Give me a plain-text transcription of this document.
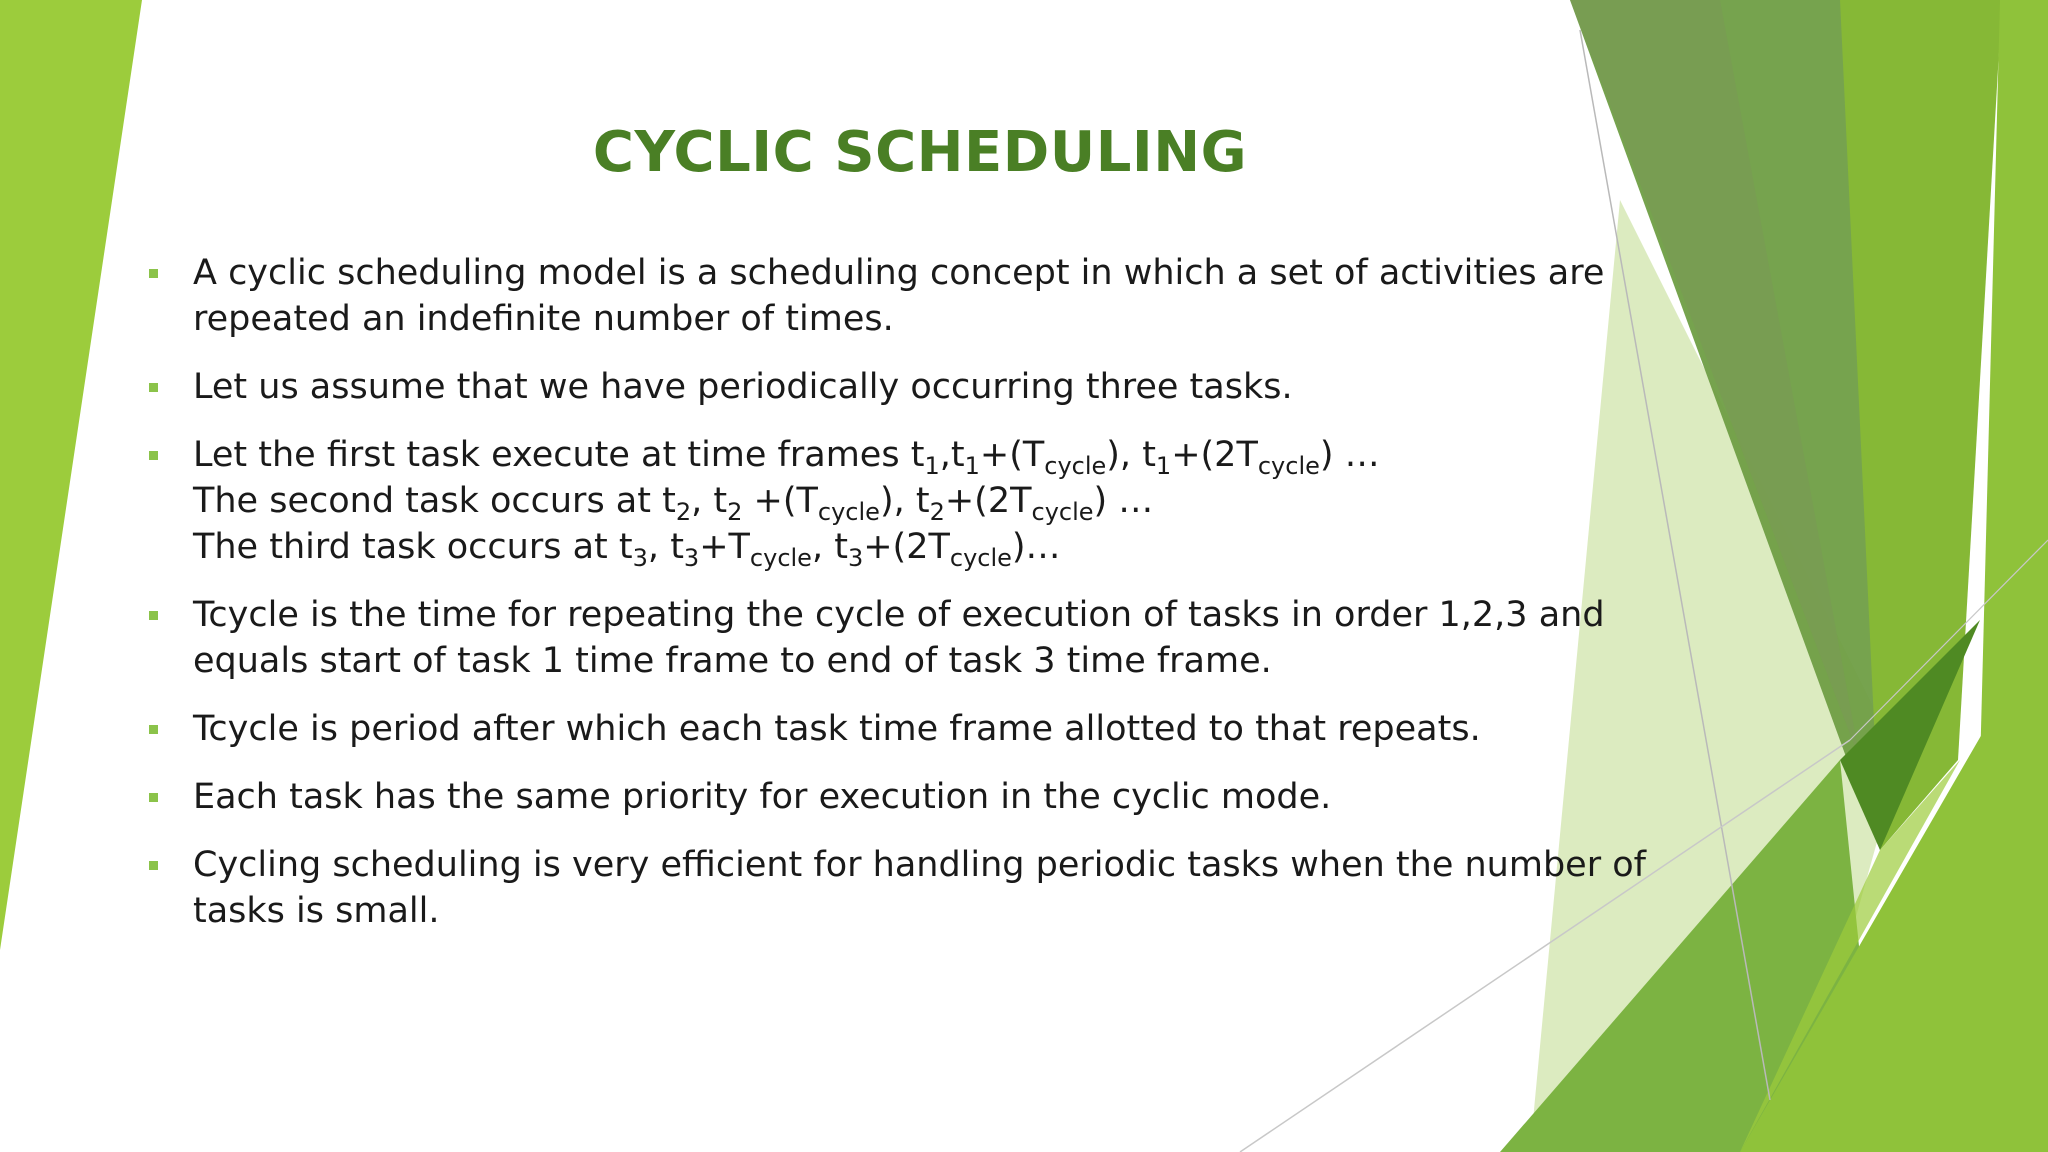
CYCLIC SCHEDULING
A cyclic scheduling model is a scheduling concept in which a set of activities are
repeated an indefinite number of times.
Let us assume that we have periodically occurring three tasks.
Let the first task execute at time frames $t_1,t_1+(T_{cycle})$, $t_1+(2T_{cycle})$ …
The second task occurs at $t_2$, $t_2 +(T_{cycle})$, $t_2+(2T_{cycle})$ …
The third task occurs at $t_3$, $t_3+T_{cycle}$, $t_3+(2T_{cycle})\dots$
Tcycle is the time for repeating the cycle of execution of tasks in order 1,2,3 and
equals start of task 1 time frame to end of task 3 time frame.
Tcycle is period after which each task time frame allotted to that repeats.
Each task has the same priority for execution in the cyclic mode.
Cycling scheduling is very efficient for handling periodic tasks when the number of
tasks is small.
